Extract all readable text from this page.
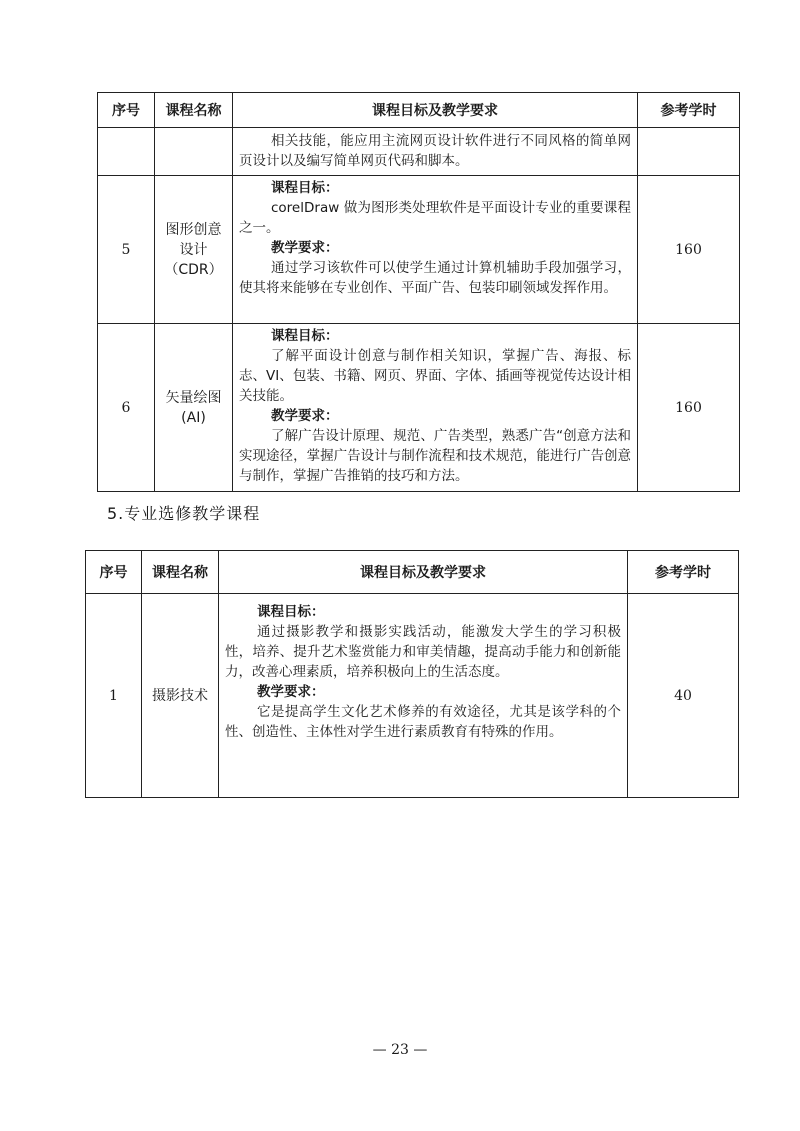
序号	课程名称	课程目标及教学要求	参考学时

		相关技能，能应用主流网页设计软件进行不同风格的简单网页设计以及编写简单网页代码和脚本。	

5	图形创意
设计
（CDR）	课程目标：
corelDraw 做为图形类处理软件是平面设计专业的重要课程之一。
教学要求：
通过学习该软件可以使学生通过计算机辅助手段加强学习，使其将来能够在专业创作、平面广告、包装印刷领域发挥作用。	160
6	矢量绘图
(AI)	课程目标：
了解平面设计创意与制作相关知识，掌握广告、海报、标志、VI、包装、书籍、网页、界面、字体、插画等视觉传达设计相关技能。
教学要求：
了解广告设计原理、规范、广告类型，熟悉广告“创意方法和实现途径，掌握广告设计与制作流程和技术规范，能进行广告创意与制作，掌握广告推销的技巧和方法。	160
5.专业选修教学课程
序号	课程名称	课程目标及教学要求	参考学时
1	摄影技术	课程目标：
通过摄影教学和摄影实践活动，能激发大学生的学习积极性，培养、提升艺术鉴赏能力和审美情趣，提高动手能力和创新能力，改善心理素质，培养积极向上的生活态度。
教学要求：
它是提高学生文化艺术修养的有效途径，尤其是该学科的个性、创造性、主体性对学生进行素质教育有特殊的作用。	40
— 23 —
